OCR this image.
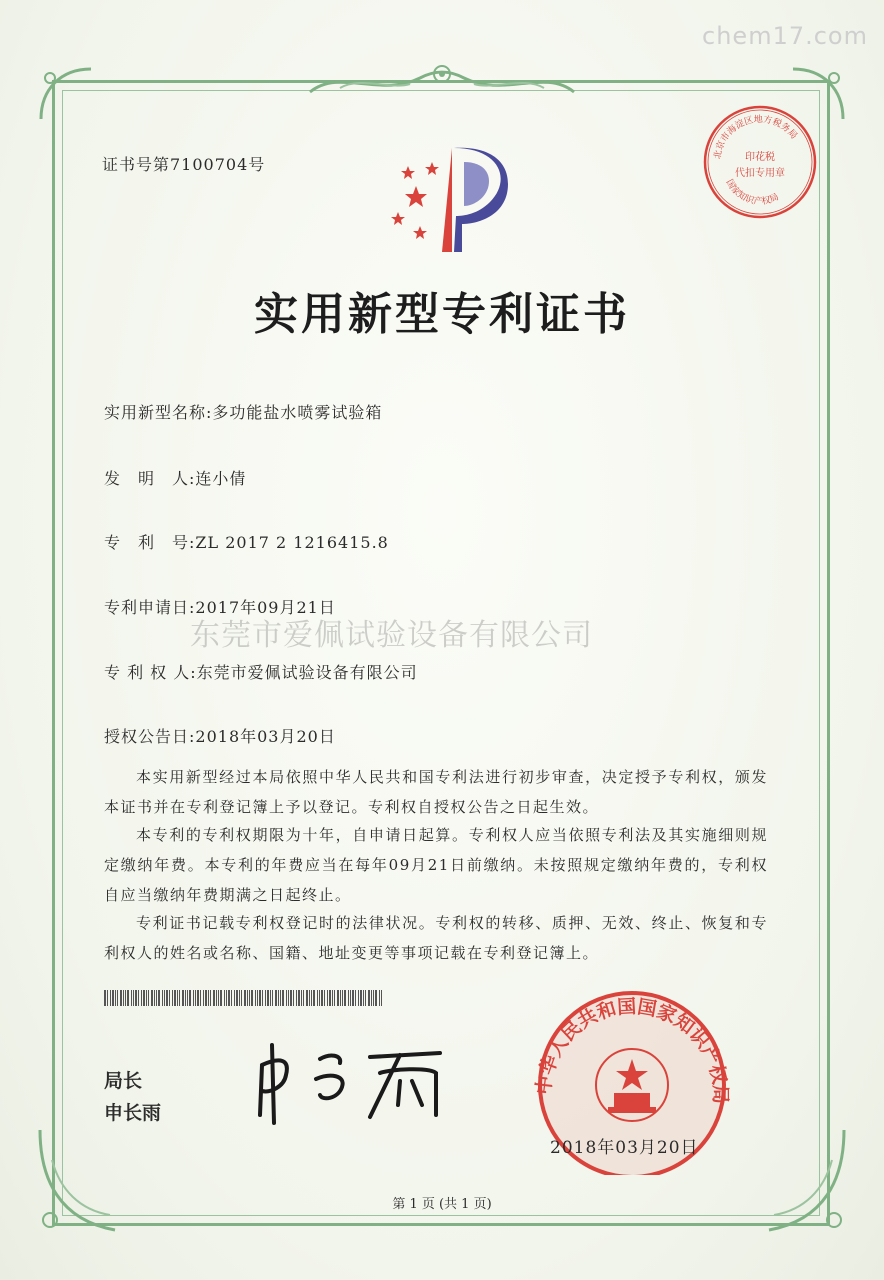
chem17.com
证书号第7100704号
北京市海淀区地方税务局
印花税
代扣专用章
国家知识产权局
实用新型专利证书
实用新型名称:多功能盐水喷雾试验箱
发　明　人:连小倩
专　利　号:ZL 2017 2 1216415.8
专利申请日:2017年09月21日
东莞市爱佩试验设备有限公司
专 利 权 人:东莞市爱佩试验设备有限公司
授权公告日:2018年03月20日
本实用新型经过本局依照中华人民共和国专利法进行初步审查，决定授予专利权，颁发本证书并在专利登记簿上予以登记。专利权自授权公告之日起生效。
本专利的专利权期限为十年，自申请日起算。专利权人应当依照专利法及其实施细则规定缴纳年费。本专利的年费应当在每年09月21日前缴纳。未按照规定缴纳年费的，专利权自应当缴纳年费期满之日起终止。
专利证书记载专利权登记时的法律状况。专利权的转移、质押、无效、终止、恢复和专利权人的姓名或名称、国籍、地址变更等事项记载在专利登记簿上。
局长
申长雨
中华人民共和国国家知识产权局
2018年03月20日
第 1 页 (共 1 页)
